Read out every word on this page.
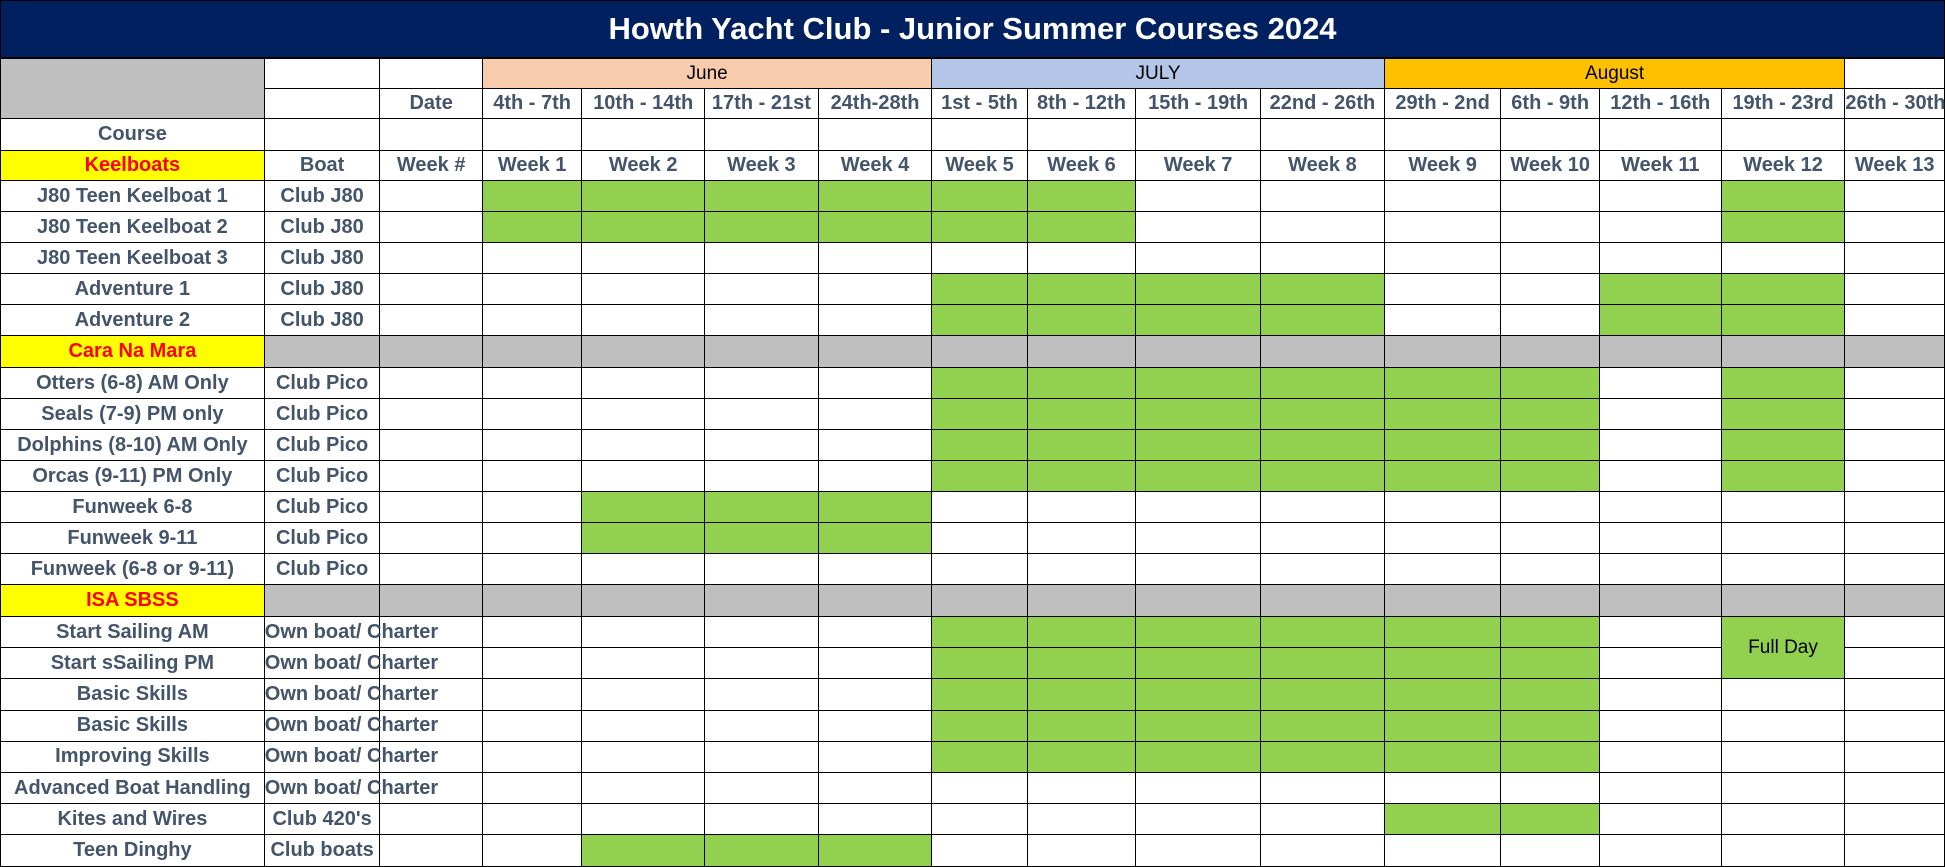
Howth Yacht Club - Junior Summer Courses 2024
			June				JULY				August				
		Date	4th - 7th	10th - 14th	17th - 21st	24th-28th	1st - 5th	8th - 12th	15th - 19th	22nd - 26th	29th - 2nd	6th - 9th	12th - 16th	19th - 23rd	26th - 30th
Course															
Keelboats	Boat	Week #	Week 1	Week 2	Week 3	Week 4	Week 5	Week 6	Week 7	Week 8	Week 9	Week 10	Week 11	Week 12	Week 13
J80 Teen Keelboat 1	Club J80														
J80 Teen Keelboat 2	Club J80														
J80 Teen Keelboat 3	Club J80														
Adventure 1	Club J80														
Adventure 2	Club J80														
Cara Na Mara															
Otters (6-8) AM Only	Club Pico														
Seals (7-9) PM only	Club Pico														
Dolphins (8-10) AM Only	Club Pico														
Orcas (9-11) PM Only	Club Pico														
Funweek 6-8	Club Pico														
Funweek 9-11	Club Pico														
Funweek (6-8 or 9-11)	Club Pico														
ISA SBSS															
Start Sailing AM	Own boat/ Charter													Full Day	
Start sSailing PM	Own boat/ Charter														
Basic Skills	Own boat/ Charter														
Basic Skills	Own boat/ Charter														
Improving Skills	Own boat/ Charter														
Advanced Boat Handling	Own boat/ Charter														
Kites and Wires	Club 420's														
Teen Dinghy	Club boats														
